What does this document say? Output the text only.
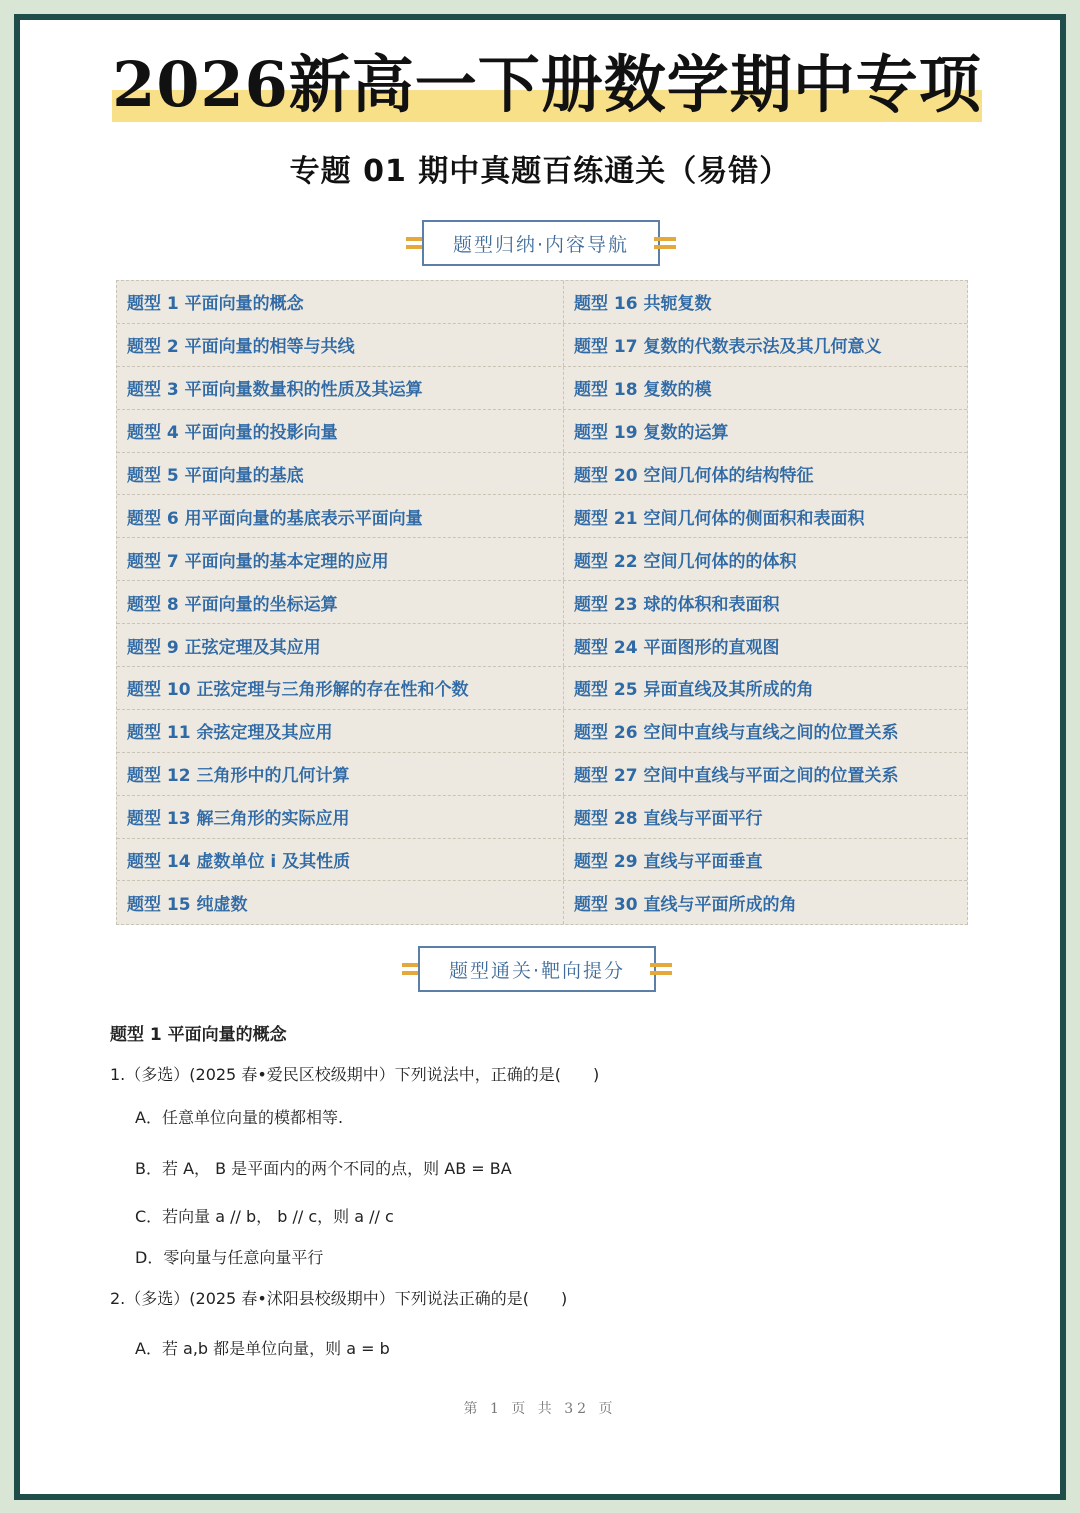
2026新高一下册数学期中专项
专题 01 期中真题百练通关（易错）
题型归纳·内容导航
题型 1 平面向量的概念	题型 16 共轭复数
题型 2 平面向量的相等与共线	题型 17 复数的代数表示法及其几何意义
题型 3 平面向量数量积的性质及其运算	题型 18 复数的模
题型 4 平面向量的投影向量	题型 19 复数的运算
题型 5 平面向量的基底	题型 20 空间几何体的结构特征
题型 6 用平面向量的基底表示平面向量	题型 21 空间几何体的侧面积和表面积
题型 7 平面向量的基本定理的应用	题型 22 空间几何体的的体积
题型 8 平面向量的坐标运算	题型 23 球的体积和表面积
题型 9 正弦定理及其应用	题型 24 平面图形的直观图
题型 10 正弦定理与三角形解的存在性和个数	题型 25 异面直线及其所成的角
题型 11 余弦定理及其应用	题型 26 空间中直线与直线之间的位置关系
题型 12 三角形中的几何计算	题型 27 空间中直线与平面之间的位置关系
题型 13 解三角形的实际应用	题型 28 直线与平面平行
题型 14 虚数单位 i 及其性质	题型 29 直线与平面垂直
题型 15 纯虚数	题型 30 直线与平面所成的角
题型通关·靶向提分
题型 1 平面向量的概念
1.（多选）(2025 春•爱民区校级期中）下列说法中，正确的是(　　)
A．任意单位向量的模都相等.
B．若 A， B 是平面内的两个不同的点，则 AB = BA
C．若向量 a // b， b // c，则 a // c
D．零向量与任意向量平行
2.（多选）(2025 春•沭阳县校级期中）下列说法正确的是(　　)
A．若 a,b 都是单位向量，则 a = b
第 1 页 共 32 页
